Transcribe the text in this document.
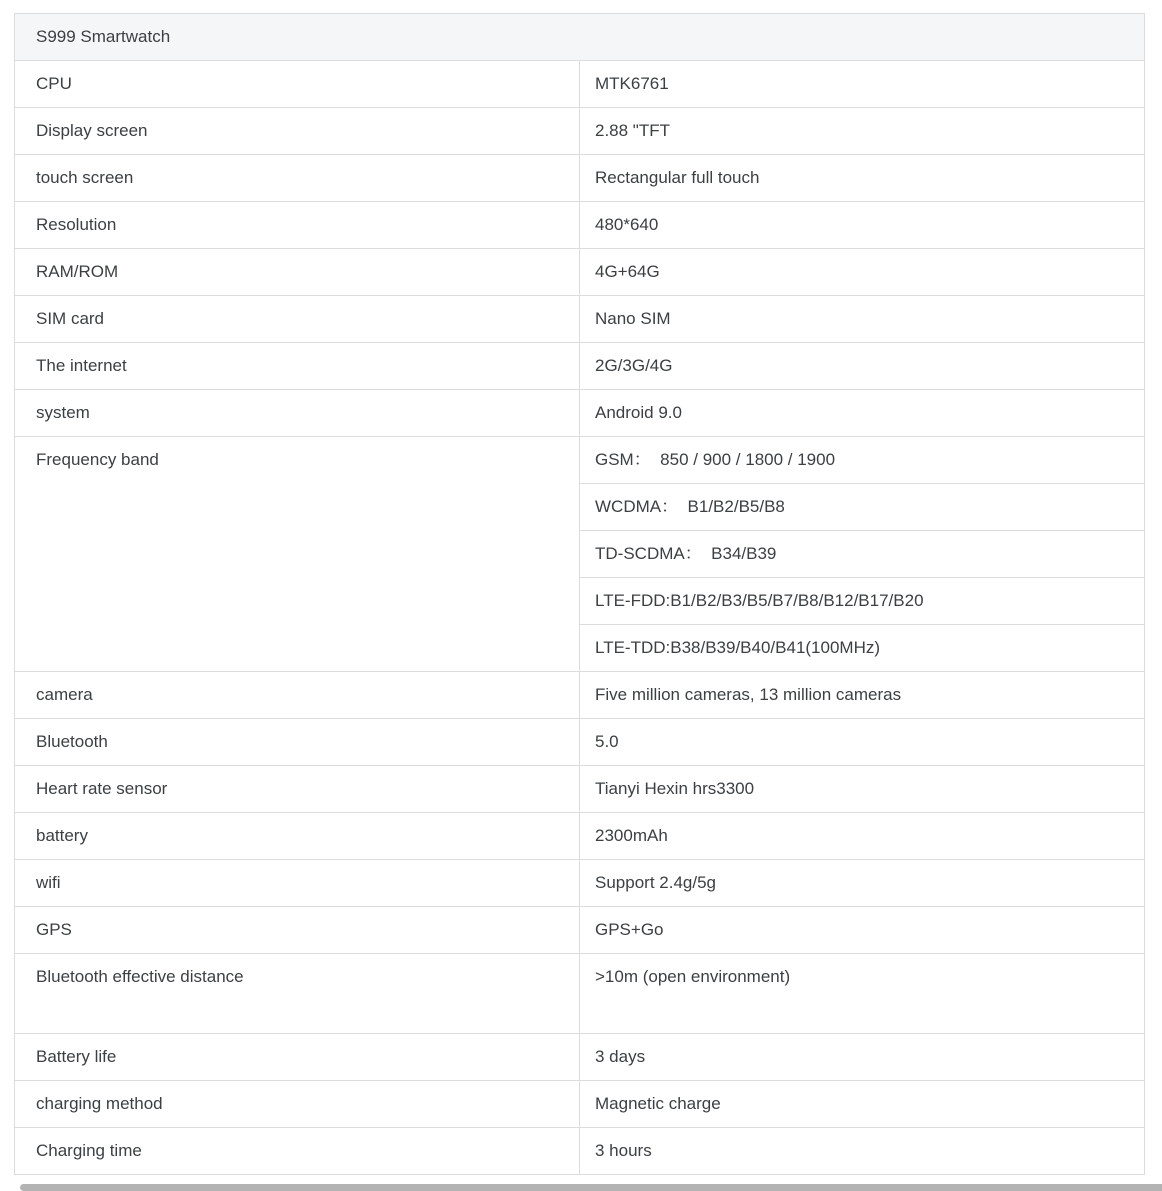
S999 Smartwatch	
CPU	MTK6761
Display screen	2.88 "TFT
touch screen	Rectangular full touch
Resolution	480*640
RAM/ROM	4G+64G
SIM card	Nano SIM
The internet	2G/3G/4G
system	Android 9.0
Frequency band	GSM：  850 / 900 / 1800 / 1900
	WCDMA：  B1/B2/B5/B8
	TD-SCDMA：  B34/B39
	LTE-FDD:B1/B2/B3/B5/B7/B8/B12/B17/B20
	LTE-TDD:B38/B39/B40/B41(100MHz)
camera	Five million cameras, 13 million cameras
Bluetooth	5.0
Heart rate sensor	Tianyi Hexin hrs3300
battery	2300mAh
wifi	Support 2.4g/5g
GPS	GPS+Go
Bluetooth effective distance	>10m (open environment)
Battery life	3 days
charging method	Magnetic charge
Charging time	3 hours
